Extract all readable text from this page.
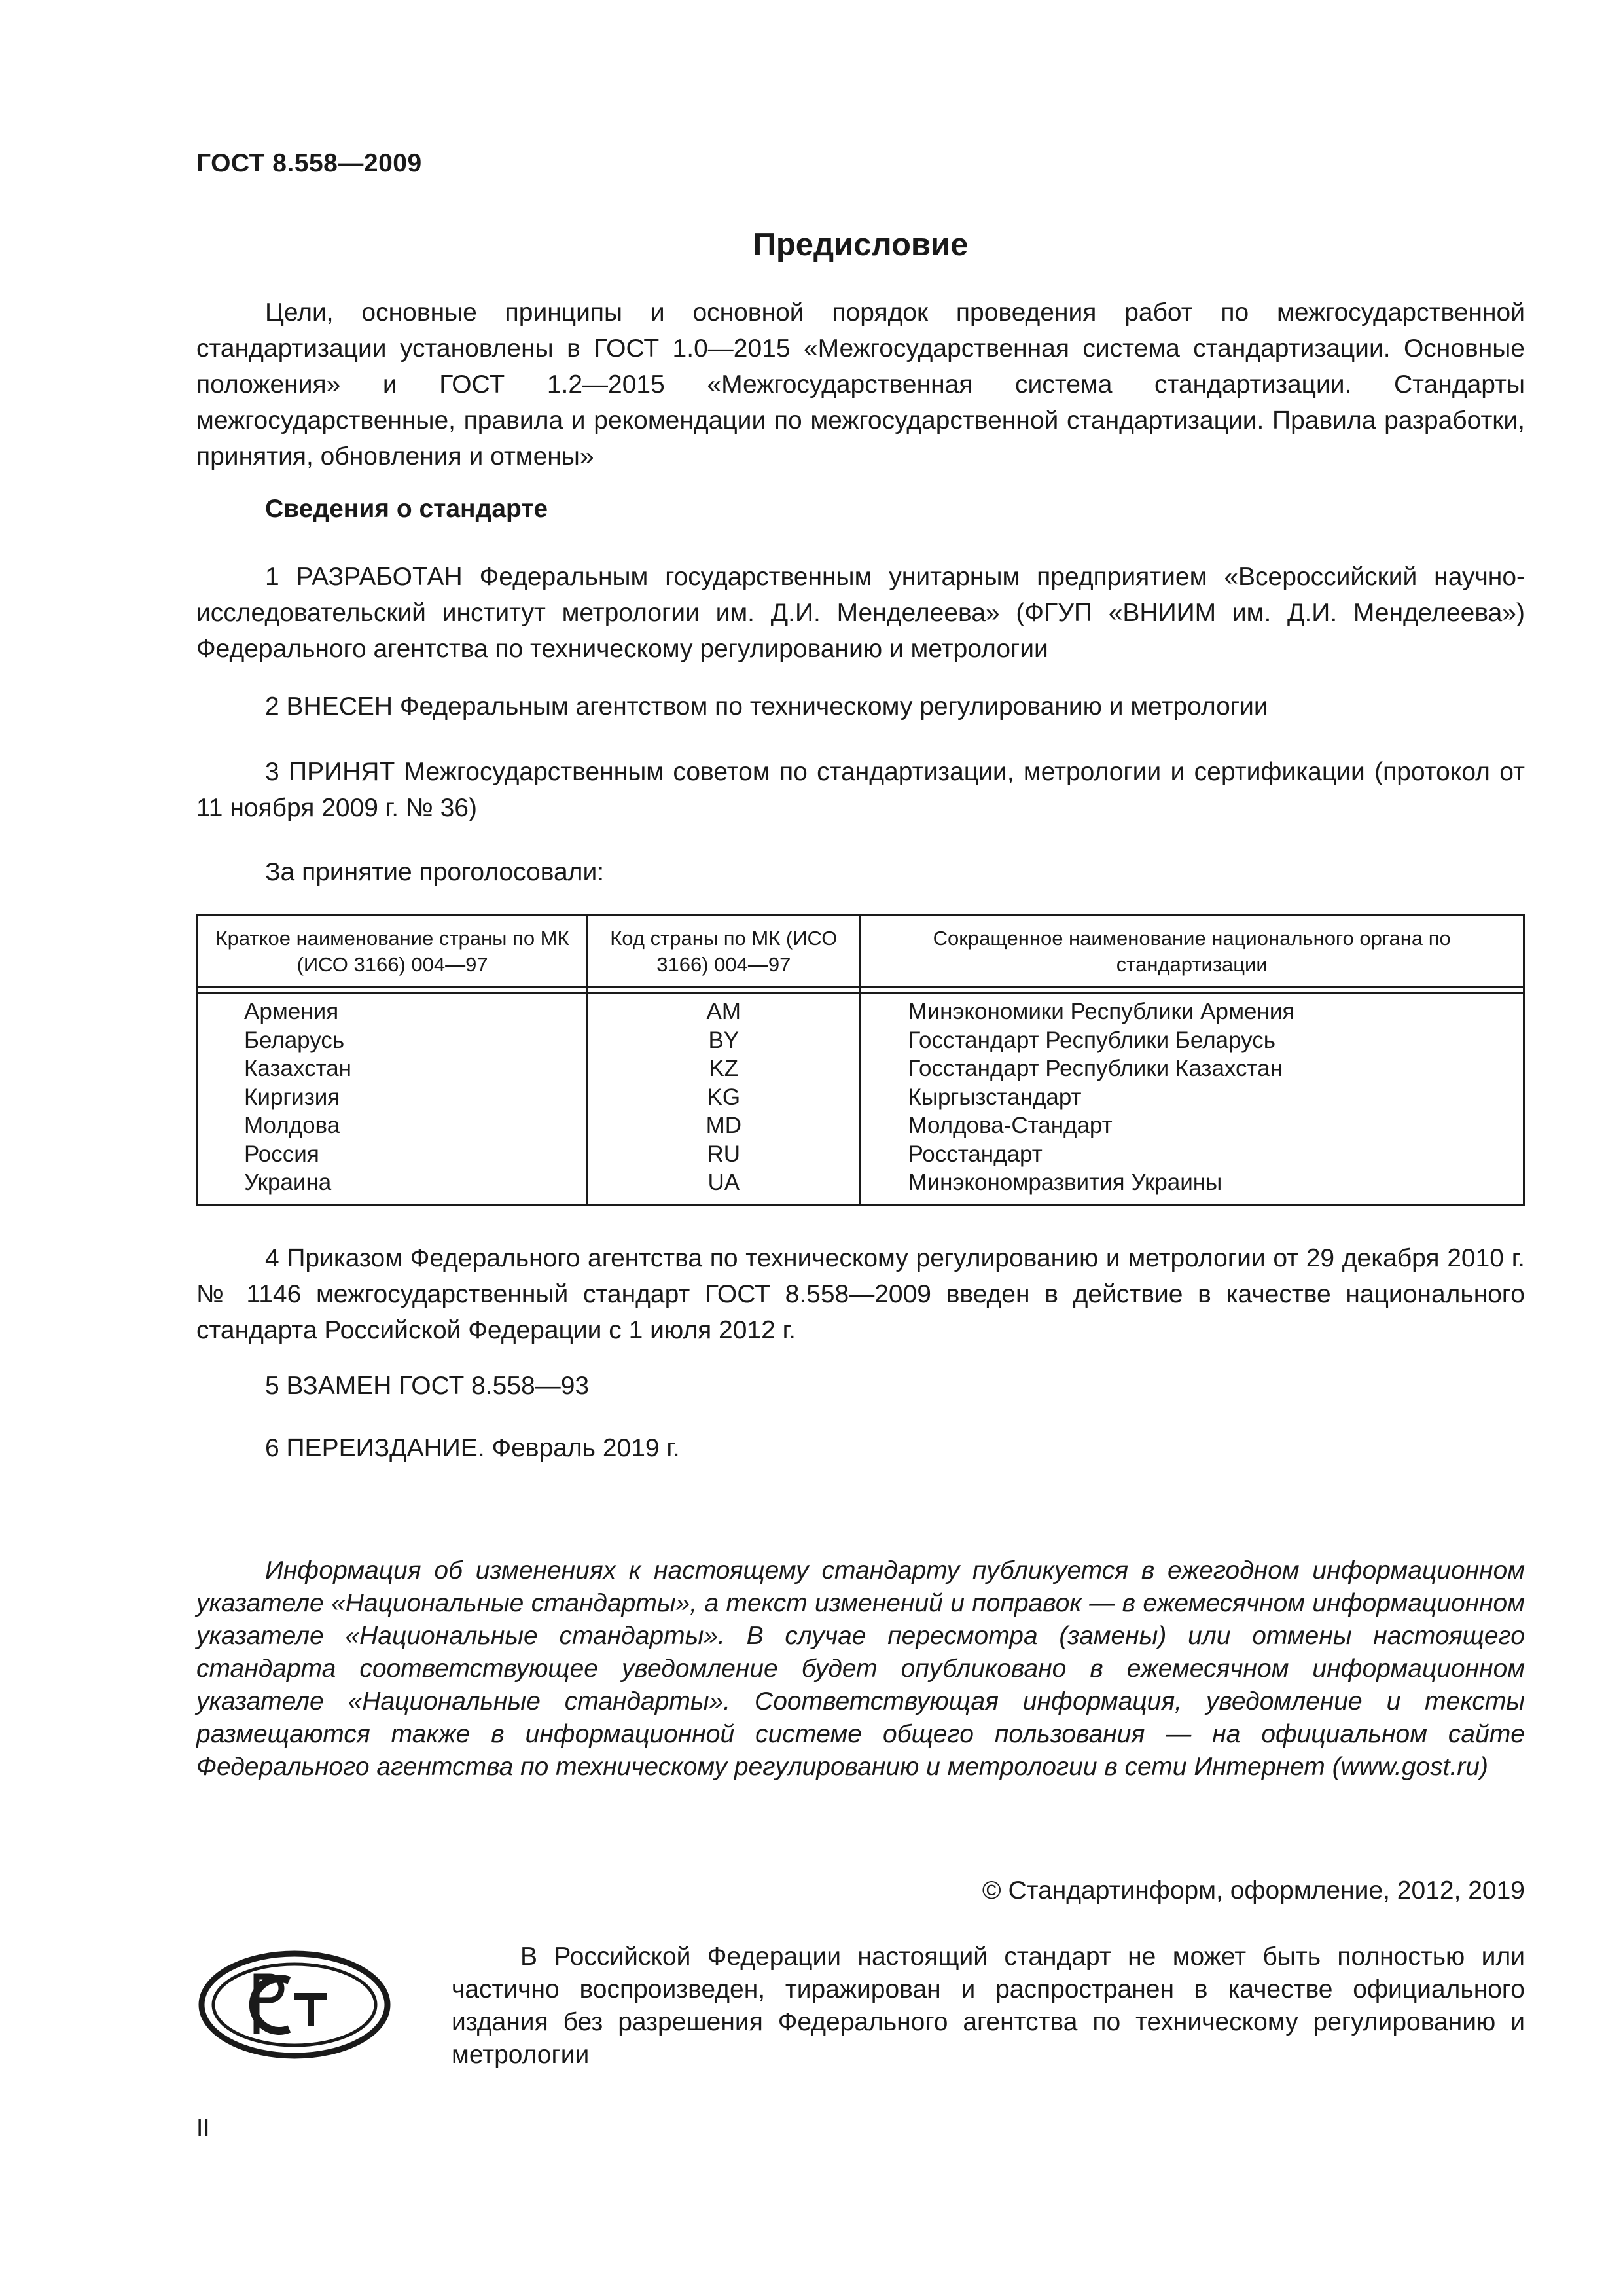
ГОСТ 8.558—2009
Предисловие

Цели, основные принципы и основной порядок проведения работ по межгосударственной стандартизации установлены в ГОСТ 1.0—2015 «Межгосударственная система стандартизации. Основные положения» и ГОСТ 1.2—2015 «Межгосударственная система стандартизации. Стандарты межгосударственные, правила и рекомендации по межгосударственной стандартизации. Правила разработки, принятия, обновления и отмены»

Сведения о стандарте

1 РАЗРАБОТАН Федеральным государственным унитарным предприятием «Всероссийский научно-исследовательский институт метрологии им. Д.И. Менделеева» (ФГУП «ВНИИМ им. Д.И. Менделеева») Федерального агентства по техническому регулированию и метрологии

2 ВНЕСЕН Федеральным агентством по техническому регулированию и метрологии

3 ПРИНЯТ Межгосударственным советом по стандартизации, метрологии и сертификации (протокол от 11 ноября 2009 г. № 36)

За принятие проголосовали:

Краткое наименование страны по МК (ИСО 3166) 004—97	Код страны по МК (ИСО 3166) 004—97	Сокращенное наименование национального органа по стандартизации

Армения	AM	Минэкономики Республики Армения
Беларусь	BY	Госстандарт Республики Беларусь
Казахстан	KZ	Госстандарт Республики Казахстан
Киргизия	KG	Кыргызстандарт
Молдова	MD	Молдова-Стандарт
Россия	RU	Росстандарт
Украина	UA	Минэкономразвития Украины

4 Приказом Федерального агентства по техническому регулированию и метрологии от 29 декабря 2010 г. № 1146 межгосударственный стандарт ГОСТ 8.558—2009 введен в действие в качестве национального стандарта Российской Федерации с 1 июля 2012 г.

5 ВЗАМЕН ГОСТ 8.558—93

6 ПЕРЕИЗДАНИЕ. Февраль 2019 г.

Информация об изменениях к настоящему стандарту публикуется в ежегодном информационном указателе «Национальные стандарты», а текст изменений и поправок — в ежемесячном информационном указателе «Национальные стандарты». В случае пересмотра (замены) или отмены настоящего стандарта соответствующее уведомление будет опубликовано в ежемесячном информационном указателе «Национальные стандарты». Соответствующая информация, уведомление и тексты размещаются также в информационной системе общего пользования — на официальном сайте Федерального агентства по техническому регулированию и метрологии в сети Интернет (www.gost.ru)

© Стандартинформ, оформление, 2012, 2019

В Российской Федерации настоящий стандарт не может быть полностью или частично воспроизведен, тиражирован и распространен в качестве официального издания без разрешения Федерального агентства по техническому регулированию и метрологии

II
